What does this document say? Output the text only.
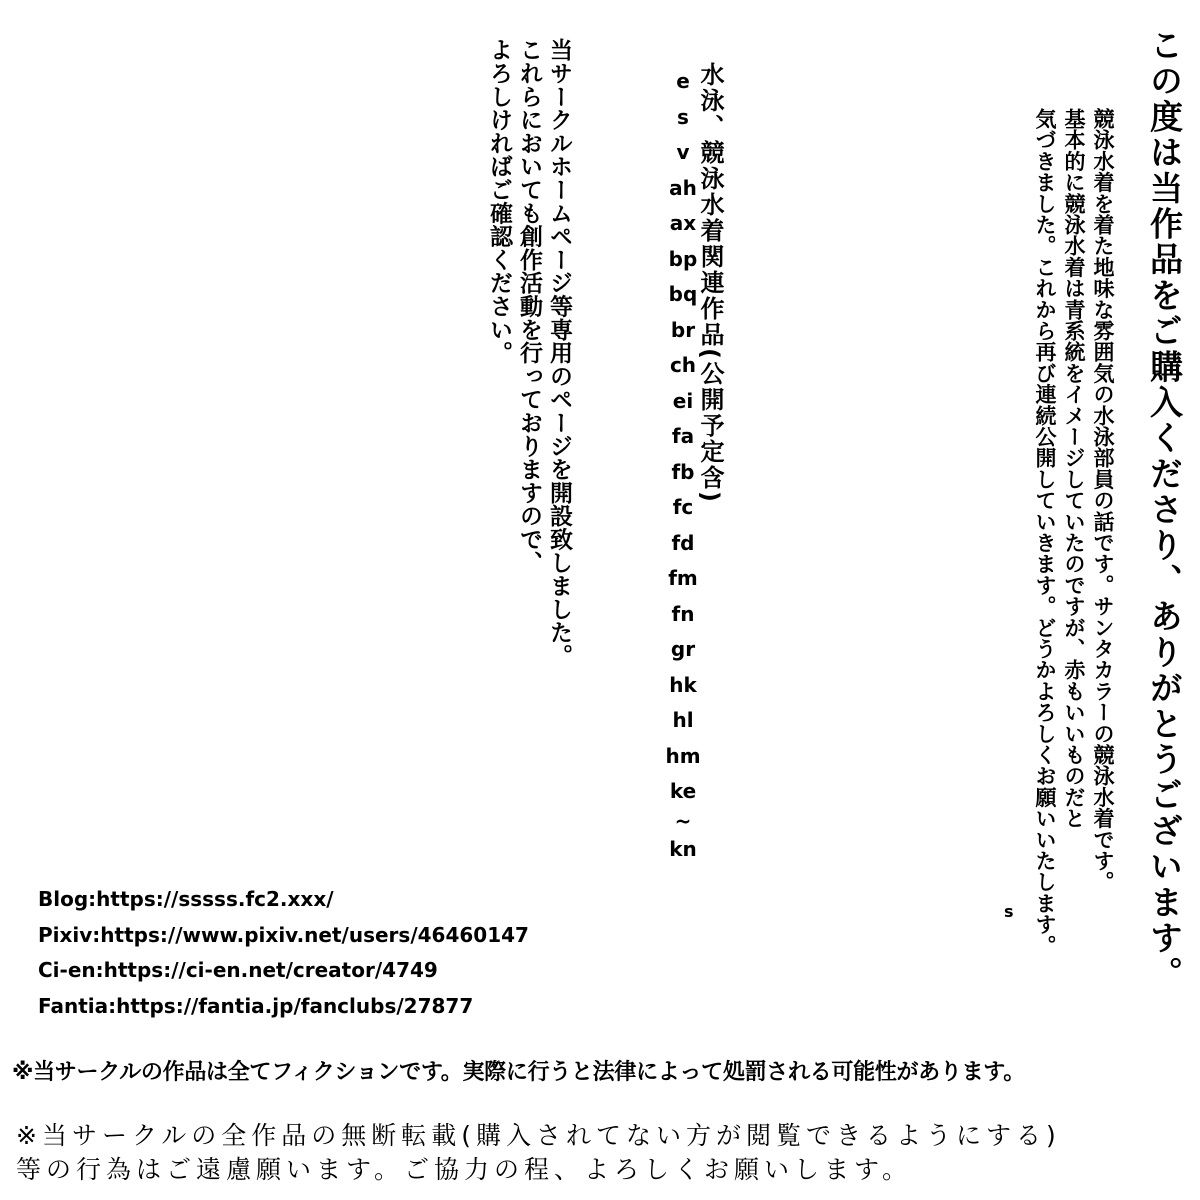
この度は当作品をご購入くださり、ありがとうございます。
競泳水着を着た地味な雰囲気の水泳部員の話です。サンタカラーの競泳水着です。
基本的に競泳水着は青系統をイメージしていたのですが、赤もいいものだと
気づきました。これから再び連続公開していきます。どうかよろしくお願いいたします。
s
水泳、競泳水着関連作品(公開予定含)
e
s
v
ah
ax
bp
bq
br
ch
ei
fa
fb
fc
fd
fm
fn
gr
hk
hl
hm
ke
~
kn
当サークルホームページ等専用のページを開設致しました。
これらにおいても創作活動を行っておりますので、
よろしければご確認ください。
Blog:https://sssss.fc2.xxx/
Pixiv:https://www.pixiv.net/users/46460147
Ci-en:https://ci-en.net/creator/4749
Fantia:https://fantia.jp/fanclubs/27877
※当サークルの作品は全てフィクションです。実際に行うと法律によって処罰される可能性があります。
※当サークルの全作品の無断転載(購入されてない方が閲覧できるようにする)
等の行為はご遠慮願います。ご協力の程、よろしくお願いします。
